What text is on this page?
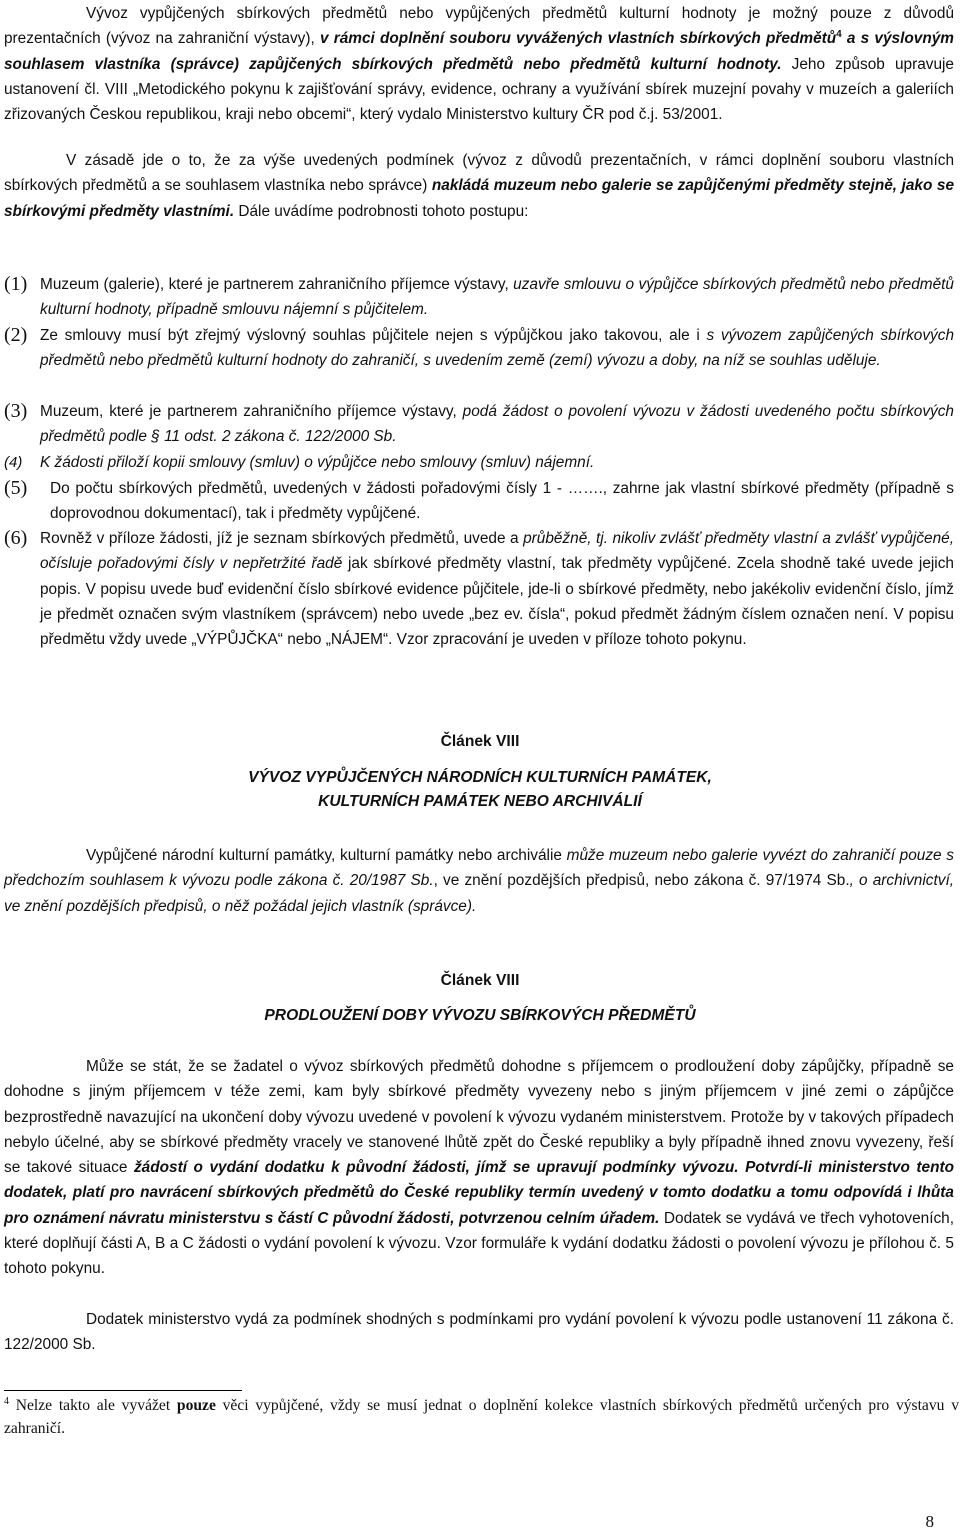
Vývoz vypůjčených sbírkových předmětů nebo vypůjčených předmětů kulturní hodnoty je možný pouze z důvodů prezentačních (vývoz na zahraniční výstavy), v rámci doplnění souboru vyvážených vlastních sbírkových předmětů$^4$ a s výslovným souhlasem vlastníka (správce) zapůjčených sbírkových předmětů nebo předmětů kulturní hodnoty. Jeho způsob upravuje ustanovení čl. VIII „Metodického pokynu k zajišťování správy, evidence, ochrany a využívání sbírek muzejní povahy v muzeích a galeriích zřizovaných Českou republikou, kraji nebo obcemi“, který vydalo Ministerstvo kultury ČR pod č.j. 53/2001.

V zásadě jde o to, že za výše uvedených podmínek (vývoz z důvodů prezentačních, v rámci doplnění souboru vlastních sbírkových předmětů a se souhlasem vlastníka nebo správce) nakládá muzeum nebo galerie se zapůjčenými předměty stejně, jako se sbírkovými předměty vlastními. Dále uvádíme podrobnosti tohoto postupu:

(1) Muzeum (galerie), které je partnerem zahraničního příjemce výstavy, uzavře smlouvu o výpůjčce sbírkových předmětů nebo předmětů kulturní hodnoty, případně smlouvu nájemní s půjčitelem.
(2) Ze smlouvy musí být zřejmý výslovný souhlas půjčitele nejen s výpůjčkou jako takovou, ale i s vývozem zapůjčených sbírkových předmětů nebo předmětů kulturní hodnoty do zahraničí, s uvedením země (zemí) vývozu a doby, na níž se souhlas uděluje.
(3) Muzeum, které je partnerem zahraničního příjemce výstavy, podá žádost o povolení vývozu v žádosti uvedeného počtu sbírkových předmětů podle § 11 odst. 2 zákona č. 122/2000 Sb.
(4)	K žádosti přiloží kopii smlouvy (smluv) o výpůjčce nebo smlouvy (smluv) nájemní.
(5)	Do počtu sbírkových předmětů, uvedených v žádosti pořadovými čísly 1 - ……., zahrne jak vlastní sbírkové předměty (případně s doprovodnou dokumentací), tak i předměty vypůjčené.
(6) Rovněž v příloze žádosti, jíž je seznam sbírkových předmětů, uvede a průběžně, tj. nikoliv zvlášť předměty vlastní a zvlášť vypůjčené, očísluje pořadovými čísly v nepřetržité řadě jak sbírkové předměty vlastní, tak předměty vypůjčené. Zcela shodně také uvede jejich popis. V popisu uvede buď evidenční číslo sbírkové evidence půjčitele, jde-li o sbírkové předměty, nebo jakékoliv evidenční číslo, jímž je předmět označen svým vlastníkem (správcem) nebo uvede „bez ev. čísla“, pokud předmět žádným číslem označen není. V popisu předmětu vždy uvede „VÝPŮJČKA“ nebo „NÁJEM“. Vzor zpracování je uveden v příloze tohoto pokynu.
Článek VIII
VÝVOZ VYPŮJČENÝCH NÁRODNÍCH KULTURNÍCH PAMÁTEK,
KULTURNÍCH PAMÁTEK NEBO ARCHIVÁLIÍ

Vypůjčené národní kulturní památky, kulturní památky nebo archiválie může muzeum nebo galerie vyvézt do zahraničí pouze s předchozím souhlasem k vývozu podle zákona č. 20/1987 Sb., ve znění pozdějších předpisů, nebo zákona č. 97/1974 Sb., o archivnictví, ve znění pozdějších předpisů, o něž požádal jejich vlastník (správce).

Článek VIII
PRODLOUŽENÍ DOBY VÝVOZU SBÍRKOVÝCH PŘEDMĚTŮ

Může se stát, že se žadatel o vývoz sbírkových předmětů dohodne s příjemcem o prodloužení doby zápůjčky, případně se dohodne s jiným příjemcem v téže zemi, kam byly sbírkové předměty vyvezeny nebo s jiným příjemcem v jiné zemi o zápůjčce bezprostředně navazující na ukončení doby vývozu uvedené v povolení k vývozu vydaném ministerstvem. Protože by v takových případech nebylo účelné, aby se sbírkové předměty vracely ve stanovené lhůtě zpět do České republiky a byly případně ihned znovu vyvezeny, řeší se takové situace žádostí o vydání dodatku k původní žádosti, jímž se upravují podmínky vývozu. Potvrdí-li ministerstvo tento dodatek, platí pro navrácení sbírkových předmětů do České republiky termín uvedený v tomto dodatku a tomu odpovídá i lhůta pro oznámení návratu ministerstvu s částí C původní žádosti, potvrzenou celním úřadem. Dodatek se vydává ve třech vyhotoveních, které doplňují části A, B a C žádosti o vydání povolení k vývozu. Vzor formuláře k vydání dodatku žádosti o povolení vývozu je přílohou č. 5 tohoto pokynu.

Dodatek ministerstvo vydá za podmínek shodných s podmínkami pro vydání povolení k vývozu podle ustanovení 11 zákona č. 122/2000 Sb.

$^4$ Nelze takto ale vyvážet pouze věci vypůjčené, vždy se musí jednat o doplnění kolekce vlastních sbírkových předmětů určených pro výstavu v zahraničí.

8
